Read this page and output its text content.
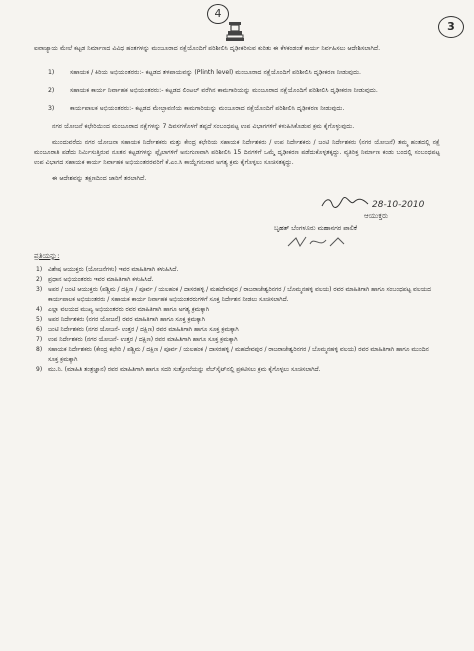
4
3

ಐವಾಜ್ಯಾಯ ಮೇಲೆ ಕಟ್ಟಡ ನಿರ್ಮಾಣದ ವಿವಿಧ ಹಂತಗಳನ್ನು ಮಂಜೂರಾದ ನಕ್ಷೆಯೊಂದಿಗೆ ಪರಿಶೀಲಿಸಿ ದೃಢೀಕರಿಸುವ ಕುರಿತು ಈ ಕೆಳಕಂಡಂತೆ ಕಾರ್ಯ ನಿರ್ವಹಿಸಲು ಆದೇಶಿಸಲಾಗಿದೆ.

1)	ಸಹಾಯಕ / ಕಿರಿಯ ಅಭಿಯಂತರರು:- ಕಟ್ಟಡದ ತಳಪಾಯವನ್ನು (Plinth level) ಮಂಜೂರಾದ ನಕ್ಷೆಯೊಂದಿಗೆ ಪರಿಶೀಲಿಸಿ ದೃಢೀಕರಣ ನೀಡುವುದು.
2)	ಸಹಾಯಕ ಕಾರ್ಯ ನಿರ್ವಾಹಕ ಅಭಿಯಂತರರು:- ಕಟ್ಟಡದ ಲಿಂಟಲ್ ವರೆಗಿನ ಕಾಮಗಾರಿಯನ್ನು ಮಂಜೂರಾದ ನಕ್ಷೆಯೊಂದಿಗೆ ಪರಿಶೀಲಿಸಿ ದೃಢೀಕರಣ ನೀಡುವುದು.
3)	ಕಾರ್ಯಪಾಲಕ ಅಭಿಯಂತರರು:- ಕಟ್ಟಡದ ಮೇಲ್ಛಾವಣಿಯ ಕಾಮಗಾರಿಯನ್ನು ಮಂಜೂರಾದ ನಕ್ಷೆಯೊಂದಿಗೆ ಪರಿಶೀಲಿಸಿ ದೃಢೀಕರಣ ನೀಡುವುದು.

ನಗರ ಯೋಜನೆ ಕಛೇರಿಯಿಂದ ಮಂಜೂರಾದ ನಕ್ಷೆಗಳನ್ನು 7 ದಿವಸಗಳೊಳಗೆ ತಪ್ಪದೆ ಸಂಬಂಧಪಟ್ಟ ಉಪ ವಿಭಾಗಗಳಿಗೆ ಕಳುಹಿಸಿಕೊಡುವ ಕ್ರಮ ಕೈಗೊಳ್ಳುವುದು.

ಮುಂದುವರೆದು ನಗರ ಯೋಜನಾ ಸಹಾಯಕ ನಿರ್ದೇಶಕರು ಮತ್ತು ಕೇಂದ್ರ ಕಛೇರಿಯ ಸಹಾಯಕ ನಿರ್ದೇಶಕರು / ಉಪ ನಿರ್ದೇಶಕರು / ಜಂಟಿ ನಿರ್ದೇಶಕರು (ನಗರ ಯೋಜನೆ) ತಮ್ಮ ಹಂತದಲ್ಲಿ ನಕ್ಷೆ ಮಂಜೂರಾತಿ ಪಡೆದು ನಿರ್ಮಿಸುತ್ತಿರುವ ನೂತನ ಕಟ್ಟಡಗಳನ್ನು ಪ್ಲೈಲಾಗಳಿಗೆ ಅನುಗುಣವಾಗಿ ಪರಿಶೀಲಿಸಿ 15 ದಿನಗಳಿಗೆ ಒಮ್ಮೆ ದೃಢೀಕರಣ ಪಡೆದುಕೊಳ್ಳತಕ್ಕದ್ದು. ವ್ಯತಿರಿಕ್ತ ನಿರ್ಮಾಣ ಕಂಡು ಬಂದಲ್ಲಿ ಸಂಬಂಧಪಟ್ಟ ಉಪ ವಿಭಾಗದ ಸಹಾಯಕ ಕಾರ್ಯ ನಿರ್ವಾಹಕ ಅಭಿಯಂತರರವರಿಗೆ ಕೆ.ಎಂ.ಸಿ ಕಾಯ್ದೆಗನುಸಾರ ಅಗತ್ಯ ಕ್ರಮ ಕೈಗೊಳ್ಳಲು ಸೂಚಿಸತಕ್ಕದ್ದು.

ಈ ಆದೇಶವನ್ನು ತಕ್ಷಣದಿಂದ ಜಾರಿಗೆ ತರಲಾಗಿದೆ.

28-10-2010
ಆಯುಕ್ತರು
ಬೃಹತ್ ಬೆಂಗಳೂರು ಮಹಾನಗರ ಪಾಲಿಕೆ
ಪ್ರತಿಯನ್ನು:
1) ವಿಶೇಷ ಆಯುಕ್ತರು (ಯೋಜನೆಗಳು) ಇವರ ಮಾಹಿತಿಗಾಗಿ ಕಳುಹಿಸಿದೆ.
2) ಪ್ರಧಾನ ಅಭಿಯಂತರರು ಇವರ ಮಾಹಿತಿಗಾಗಿ ಕಳುಹಿಸಿದೆ.
3) ಅಪರ / ಜಂಟಿ ಆಯುಕ್ತರು (ಪಶ್ಚಿಮ / ದಕ್ಷಿಣ / ಪೂರ್ವ / ಯಲಹಂಕ / ದಾಸರಹಳ್ಳಿ / ಮಹದೇವಪುರ / ರಾಜರಾಜೇಶ್ವರಿನಗರ / ಬೊಮ್ಮನಹಳ್ಳಿ ವಲಯ) ರವರ ಮಾಹಿತಿಗಾಗಿ ಹಾಗೂ ಸಂಬಂಧಪಟ್ಟ ವಲಯದ ಕಾರ್ಯಪಾಲಕ ಅಭಿಯಂತರರು / ಸಹಾಯಕ ಕಾರ್ಯ ನಿರ್ವಾಹಕ ಅಭಿಯಂತರರುಗಳಿಗೆ ಸೂಕ್ತ ನಿರ್ದೇಶನ ನೀಡಲು ಸೂಚಿಸಲಾಗಿದೆ.
4) ಎಲ್ಲಾ ವಲಯದ ಮುಖ್ಯ ಅಭಿಯಂತರರು ರವರ ಮಾಹಿತಿಗಾಗಿ ಹಾಗೂ ಅಗತ್ಯ ಕ್ರಮಕ್ಕಾಗಿ
5) ಅಪರ ನಿರ್ದೇಶಕರು (ನಗರ ಯೋಜನೆ) ರವರ ಮಾಹಿತಿಗಾಗಿ ಹಾಗೂ ಸೂಕ್ತ ಕ್ರಮಕ್ಕಾಗಿ
6) ಜಂಟಿ ನಿರ್ದೇಶಕರು (ನಗರ ಯೋಜನೆ- ಉತ್ತರ / ದಕ್ಷಿಣ) ರವರ ಮಾಹಿತಿಗಾಗಿ ಹಾಗೂ ಸೂಕ್ತ ಕ್ರಮಕ್ಕಾಗಿ
7) ಉಪ ನಿರ್ದೇಶಕರು (ನಗರ ಯೋಜನೆ- ಉತ್ತರ / ದಕ್ಷಿಣ) ರವರ ಮಾಹಿತಿಗಾಗಿ ಹಾಗೂ ಸೂಕ್ತ ಕ್ರಮಕ್ಕಾಗಿ
8) ಸಹಾಯಕ ನಿರ್ದೇಶಕರು (ಕೇಂದ್ರ ಕಛೇರಿ / ಪಶ್ಚಿಮ / ದಕ್ಷಿಣ / ಪೂರ್ವ / ಯಲಹಂಕ / ದಾಸರಹಳ್ಳಿ / ಮಹದೇವಪುರ / ರಾಜರಾಜೇಶ್ವರಿನಗರ / ಬೊಮ್ಮನಹಳ್ಳಿ ವಲಯ) ರವರ ಮಾಹಿತಿಗಾಗಿ ಹಾಗೂ ಮುಂದಿನ ಸೂಕ್ತ ಕ್ರಮಕ್ಕಾಗಿ
9) ಮು.ನಿ. (ಮಾಹಿತಿ ತಂತ್ರಜ್ಞಾನ) ರವರ ಮಾಹಿತಿಗಾಗಿ ಹಾಗೂ ಸದರಿ ಸುತ್ತೋಲೆಯನ್ನು ವೆಬ್‌ಸೈಟ್‌ನಲ್ಲಿ ಪ್ರಕಟಿಸಲು ಕ್ರಮ ಕೈಗೊಳ್ಳಲು ಸೂಚಿಸಲಾಗಿದೆ.
